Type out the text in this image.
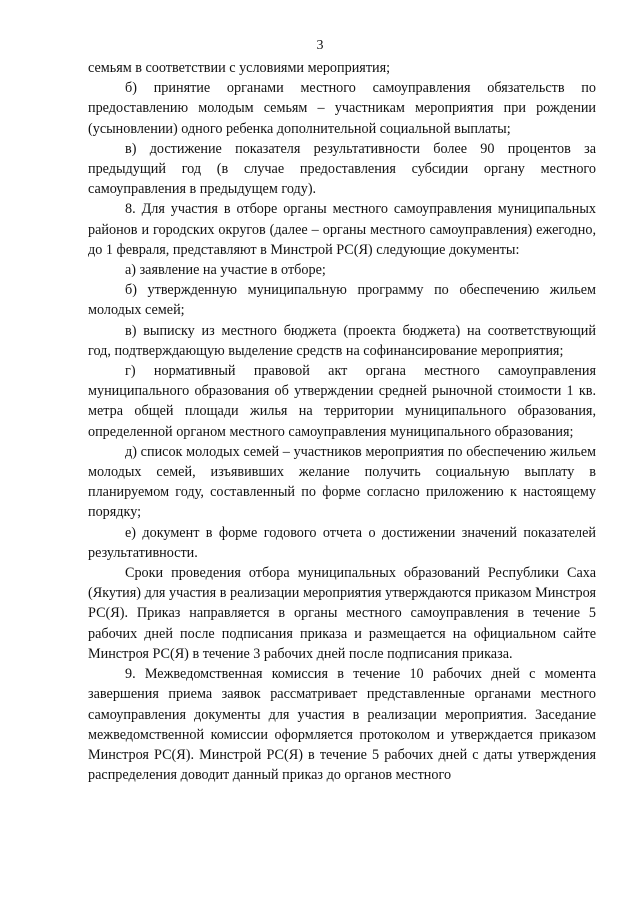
3

семьям в соответствии с условиями мероприятия;

б) принятие органами местного самоуправления обязательств по предоставлению молодым семьям – участникам мероприятия при рождении (усыновлении) одного ребенка дополнительной социальной выплаты;

в) достижение показателя результативности более 90 процентов за предыдущий год (в случае предоставления субсидии органу местного самоуправления в предыдущем году).

8. Для участия в отборе органы местного самоуправления муниципальных районов и городских округов (далее – органы местного самоуправления) ежегодно, до 1 февраля, представляют в Минстрой РС(Я) следующие документы:

а) заявление на участие в отборе;

б) утвержденную муниципальную программу по обеспечению жильем молодых семей;

в) выписку из местного бюджета (проекта бюджета) на соответствующий год, подтверждающую выделение средств на софинансирование мероприятия;

г) нормативный правовой акт органа местного самоуправления муниципального образования об утверждении средней рыночной стоимости 1 кв. метра общей площади жилья на территории муниципального образования, определенной органом местного самоуправления муниципального образования;

д) список молодых семей – участников мероприятия по обеспечению жильем молодых семей, изъявивших желание получить социальную выплату в планируемом году, составленный по форме согласно приложению к настоящему порядку;

е) документ в форме годового отчета о достижении значений показателей результативности.

Сроки проведения отбора муниципальных образований Республики Саха (Якутия) для участия в реализации мероприятия утверждаются приказом Минстроя РС(Я). Приказ направляется в органы местного самоуправления в течение 5 рабочих дней после подписания приказа и размещается на официальном сайте Минстроя РС(Я) в течение 3 рабочих дней после подписания приказа.

9. Межведомственная комиссия в течение 10 рабочих дней с момента завершения приема заявок рассматривает представленные органами местного самоуправления документы для участия в реализации мероприятия. Заседание межведомственной комиссии оформляется протоколом и утверждается приказом Минстроя РС(Я). Минстрой РС(Я) в течение 5 рабочих дней с даты утверждения распределения доводит данный приказ до органов местного
